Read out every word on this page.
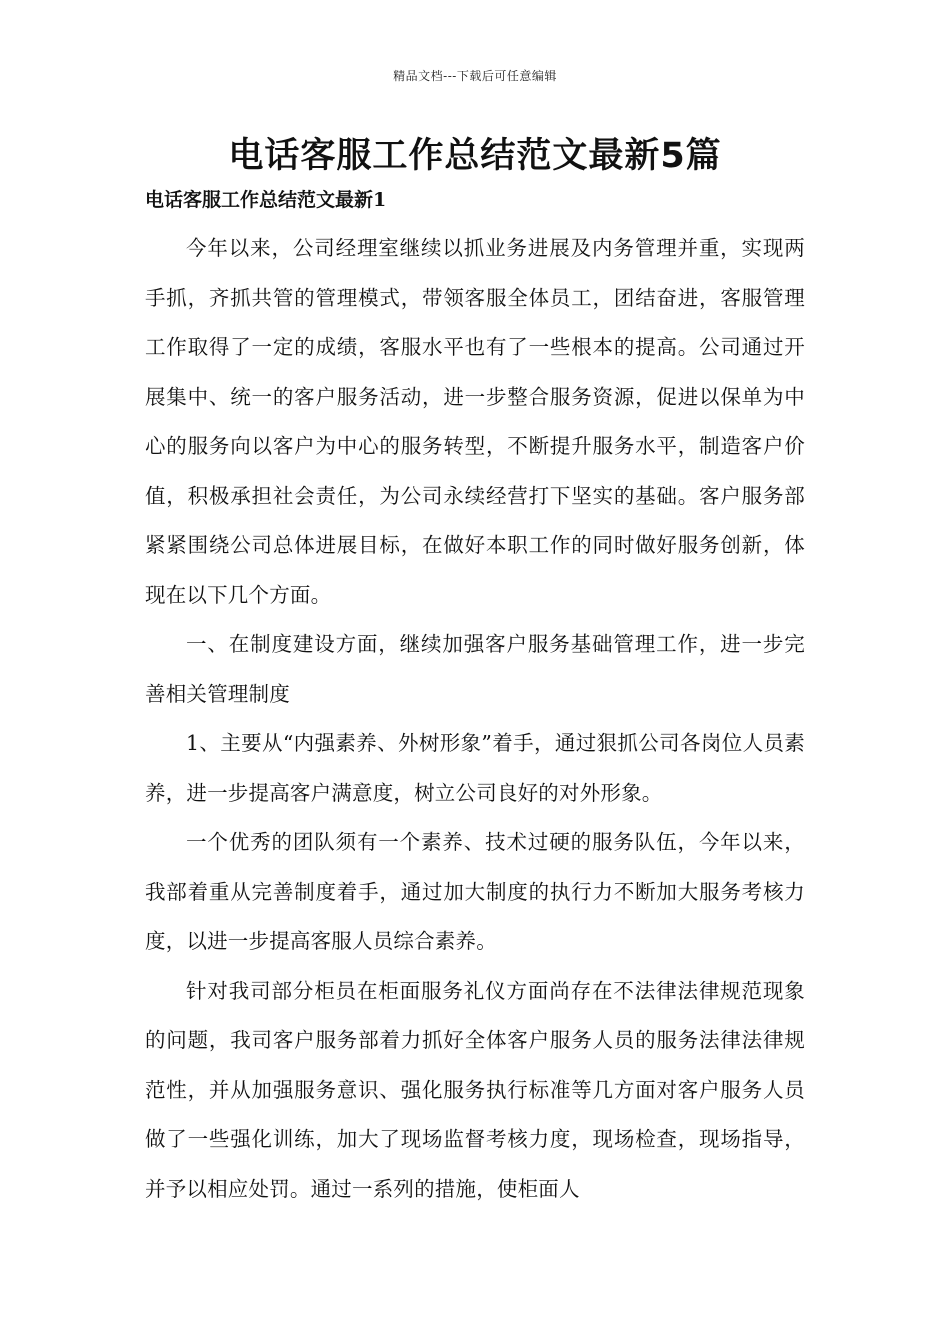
精品文档---下载后可任意编辑
电话客服工作总结范文最新5篇
电话客服工作总结范文最新1

今年以来，公司经理室继续以抓业务进展及内务管理并重，实现两手抓，齐抓共管的管理模式，带领客服全体员工，团结奋进，客服管理工作取得了一定的成绩，客服水平也有了一些根本的提高。公司通过开展集中、统一的客户服务活动，进一步整合服务资源，促进以保单为中心的服务向以客户为中心的服务转型，不断提升服务水平，制造客户价值，积极承担社会责任，为公司永续经营打下坚实的基础。客户服务部紧紧围绕公司总体进展目标，在做好本职工作的同时做好服务创新，体现在以下几个方面。

一、在制度建设方面，继续加强客户服务基础管理工作，进一步完善相关管理制度

1、主要从“内强素养、外树形象”着手，通过狠抓公司各岗位人员素养，进一步提高客户满意度，树立公司良好的对外形象。

一个优秀的团队须有一个素养、技术过硬的服务队伍，今年以来，我部着重从完善制度着手，通过加大制度的执行力不断加大服务考核力度，以进一步提高客服人员综合素养。

针对我司部分柜员在柜面服务礼仪方面尚存在不法律法律规范现象的问题，我司客户服务部着力抓好全体客户服务人员的服务法律法律规范性，并从加强服务意识、强化服务执行标准等几方面对客户服务人员做了一些强化训练，加大了现场监督考核力度，现场检查，现场指导，并予以相应处罚。通过一系列的措施，使柜面人
